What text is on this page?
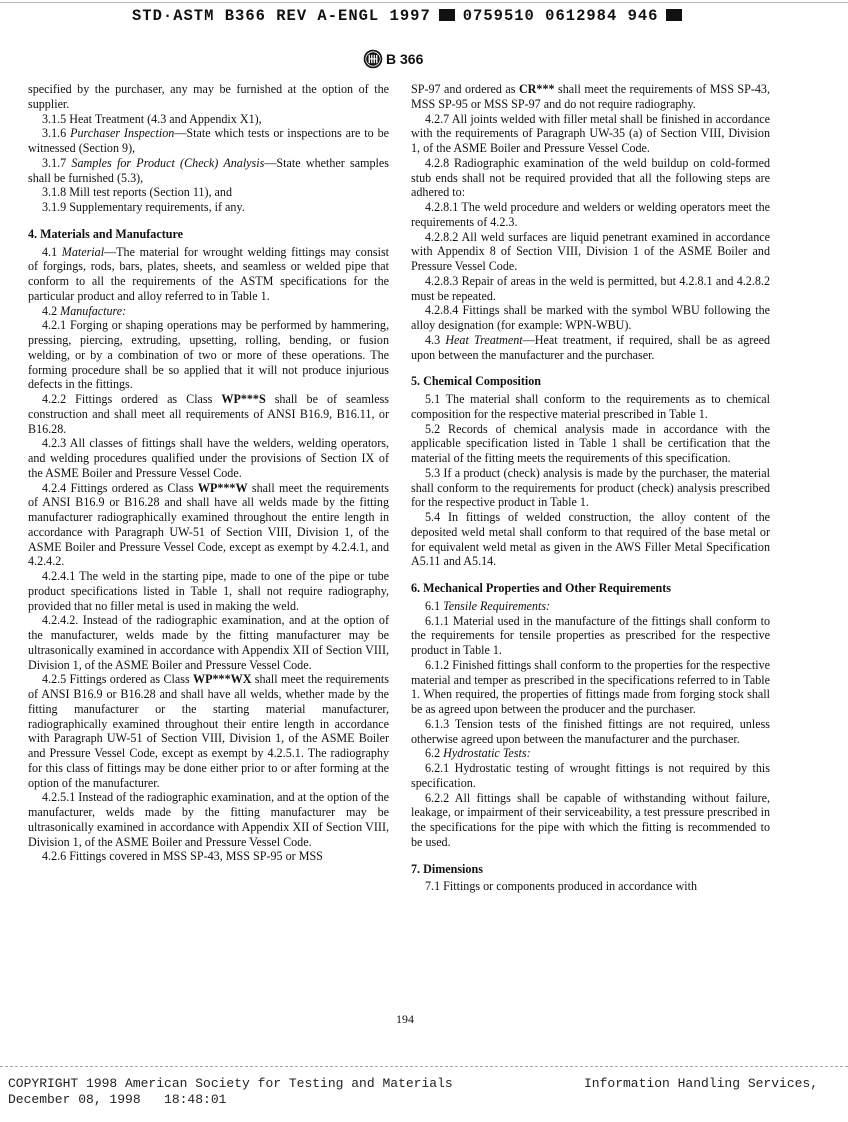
STD·ASTM B366 REV A-ENGL 1997 0759510 0612984 946
B 366

specified by the purchaser, any may be furnished at the option of the supplier.

3.1.5 Heat Treatment (4.3 and Appendix X1),

3.1.6 Purchaser Inspection—State which tests or inspections are to be witnessed (Section 9),

3.1.7 Samples for Product (Check) Analysis—State whether samples shall be furnished (5.3),

3.1.8 Mill test reports (Section 11), and

3.1.9 Supplementary requirements, if any.

4. Materials and Manufacture

4.1 Material—The material for wrought welding fittings may consist of forgings, rods, bars, plates, sheets, and seamless or welded pipe that conform to all the requirements of the ASTM specifications for the particular product and alloy referred to in Table 1.

4.2 Manufacture:

4.2.1 Forging or shaping operations may be performed by hammering, pressing, piercing, extruding, upsetting, rolling, bending, or fusion welding, or by a combination of two or more of these operations. The forming procedure shall be so applied that it will not produce injurious defects in the fittings.

4.2.2 Fittings ordered as Class WP***S shall be of seamless construction and shall meet all requirements of ANSI B16.9, B16.11, or B16.28.

4.2.3 All classes of fittings shall have the welders, welding operators, and welding procedures qualified under the provisions of Section IX of the ASME Boiler and Pressure Vessel Code.

4.2.4 Fittings ordered as Class WP***W shall meet the requirements of ANSI B16.9 or B16.28 and shall have all welds made by the fitting manufacturer radiographically examined throughout the entire length in accordance with Paragraph UW-51 of Section VIII, Division 1, of the ASME Boiler and Pressure Vessel Code, except as exempt by 4.2.4.1, and 4.2.4.2.

4.2.4.1 The weld in the starting pipe, made to one of the pipe or tube product specifications listed in Table 1, shall not require radiography, provided that no filler metal is used in making the weld.

4.2.4.2. Instead of the radiographic examination, and at the option of the manufacturer, welds made by the fitting manufacturer may be ultrasonically examined in accordance with Appendix XII of Section VIII, Division 1, of the ASME Boiler and Pressure Vessel Code.

4.2.5 Fittings ordered as Class WP***WX shall meet the requirements of ANSI B16.9 or B16.28 and shall have all welds, whether made by the fitting manufacturer or the starting material manufacturer, radiographically examined throughout their entire length in accordance with Paragraph UW-51 of Section VIII, Division 1, of the ASME Boiler and Pressure Vessel Code, except as exempt by 4.2.5.1. The radiography for this class of fittings may be done either prior to or after forming at the option of the manufacturer.

4.2.5.1 Instead of the radiographic examination, and at the option of the manufacturer, welds made by the fitting manufacturer may be ultrasonically examined in accordance with Appendix XII of Section VIII, Division 1, of the ASME Boiler and Pressure Vessel Code.

4.2.6 Fittings covered in MSS SP-43, MSS SP-95 or MSS

SP-97 and ordered as CR*** shall meet the requirements of MSS SP-43, MSS SP-95 or MSS SP-97 and do not require radiography.

4.2.7 All joints welded with filler metal shall be finished in accordance with the requirements of Paragraph UW-35 (a) of Section VIII, Division 1, of the ASME Boiler and Pressure Vessel Code.

4.2.8 Radiographic examination of the weld buildup on cold-formed stub ends shall not be required provided that all the following steps are adhered to:

4.2.8.1 The weld procedure and welders or welding operators meet the requirements of 4.2.3.

4.2.8.2 All weld surfaces are liquid penetrant examined in accordance with Appendix 8 of Section VIII, Division 1 of the ASME Boiler and Pressure Vessel Code.

4.2.8.3 Repair of areas in the weld is permitted, but 4.2.8.1 and 4.2.8.2 must be repeated.

4.2.8.4 Fittings shall be marked with the symbol WBU following the alloy designation (for example: WPN-WBU).

4.3 Heat Treatment—Heat treatment, if required, shall be as agreed upon between the manufacturer and the purchaser.

5. Chemical Composition

5.1 The material shall conform to the requirements as to chemical composition for the respective material prescribed in Table 1.

5.2 Records of chemical analysis made in accordance with the applicable specification listed in Table 1 shall be certification that the material of the fitting meets the requirements of this specification.

5.3 If a product (check) analysis is made by the purchaser, the material shall conform to the requirements for product (check) analysis prescribed for the respective product in Table 1.

5.4 In fittings of welded construction, the alloy content of the deposited weld metal shall conform to that required of the base metal or for equivalent weld metal as given in the AWS Filler Metal Specification A5.11 and A5.14.

6. Mechanical Properties and Other Requirements

6.1 Tensile Requirements:

6.1.1 Material used in the manufacture of the fittings shall conform to the requirements for tensile properties as prescribed for the respective product in Table 1.

6.1.2 Finished fittings shall conform to the properties for the respective material and temper as prescribed in the specifications referred to in Table 1. When required, the properties of fittings made from forging stock shall be as agreed upon between the producer and the purchaser.

6.1.3 Tension tests of the finished fittings are not required, unless otherwise agreed upon between the manufacturer and the purchaser.

6.2 Hydrostatic Tests:

6.2.1 Hydrostatic testing of wrought fittings is not required by this specification.

6.2.2 All fittings shall be capable of withstanding without failure, leakage, or impairment of their serviceability, a test pressure prescribed in the specifications for the pipe with which the fitting is recommended to be used.

7. Dimensions

7.1 Fittings or components produced in accordance with

194
COPYRIGHT 1998 American Society for Testing and Materials
December 08, 1998   18:48:01
Information Handling Services,
